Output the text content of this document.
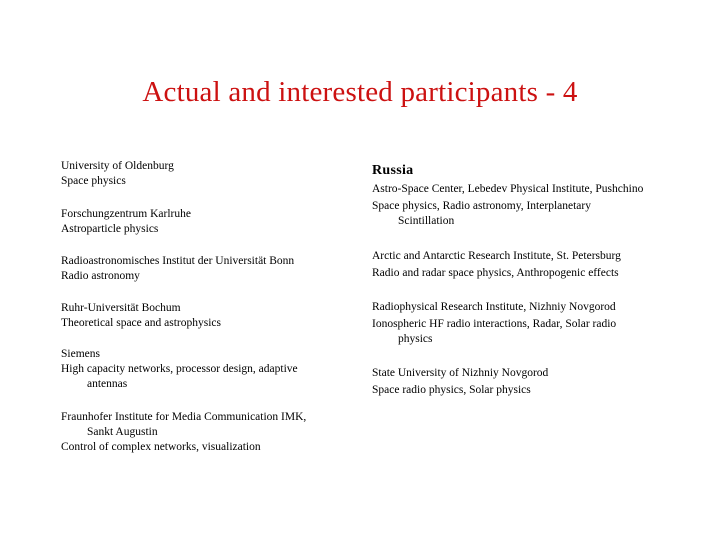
Actual and interested participants - 4
University of Oldenburg
Space physics
Forschungzentrum Karlruhe
Astroparticle physics
Radioastronomisches Institut der Universität Bonn
Radio astronomy
Ruhr-Universität Bochum
Theoretical space and astrophysics
Siemens
High capacity networks, processor design, adaptive
antennas
Fraunhofer Institute for Media Communication IMK,
Sankt Augustin
Control of complex networks, visualization
Russia
Astro-Space Center, Lebedev Physical Institute, Pushchino
Space physics, Radio astronomy, Interplanetary
Scintillation
Arctic and Antarctic Research Institute, St. Petersburg
Radio and radar space physics, Anthropogenic effects
Radiophysical Research Institute, Nizhniy Novgorod
Ionospheric HF radio interactions, Radar, Solar radio
physics
State University of Nizhniy Novgorod
Space radio physics, Solar physics
